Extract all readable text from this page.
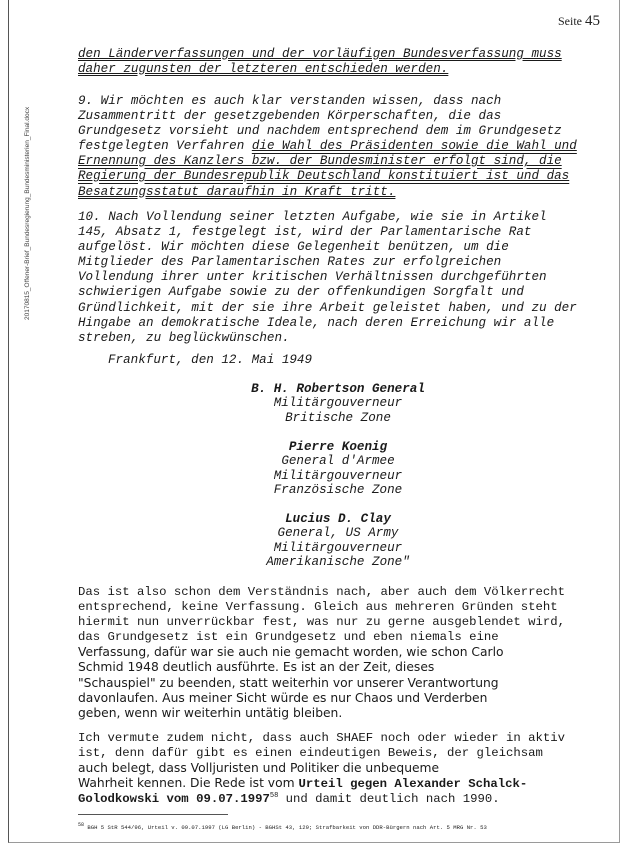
Seite 45
20170815_Offener-Brief_Bundesregierung_Bundesministerien_Final.docx
den Länderverfassungen und der vorläufigen Bundesverfassung muss
daher zugunsten der letzteren entschieden werden.
9. Wir möchten es auch klar verstanden wissen, dass nach
Zusammentritt der gesetzgebenden Körperschaften, die das
Grundgesetz vorsieht und nachdem entsprechend dem im Grundgesetz
festgelegten Verfahren die Wahl des Präsidenten sowie die Wahl und
Ernennung des Kanzlers bzw. der Bundesminister erfolgt sind, die
Regierung der Bundesrepublik Deutschland konstituiert ist und das
Besatzungsstatut daraufhin in Kraft tritt.
10. Nach Vollendung seiner letzten Aufgabe, wie sie in Artikel
145, Absatz 1, festgelegt ist, wird der Parlamentarische Rat
aufgelöst. Wir möchten diese Gelegenheit benützen, um die
Mitglieder des Parlamentarischen Rates zur erfolgreichen
Vollendung ihrer unter kritischen Verhältnissen durchgeführten
schwierigen Aufgabe sowie zu der offenkundigen Sorgfalt und
Gründlichkeit, mit der sie ihre Arbeit geleistet haben, und zu der
Hingabe an demokratische Ideale, nach deren Erreichung wir alle
streben, zu beglückwünschen.
Frankfurt, den 12. Mai 1949
B. H. Robertson General
Militärgouverneur
Britische Zone
Pierre Koenig
General d'Armee
Militärgouverneur
Französische Zone
Lucius D. Clay
General, US Army
Militärgouverneur
Amerikanische Zone"
Das ist also schon dem Verständnis nach, aber auch dem Völkerrecht
entsprechend, keine Verfassung. Gleich aus mehreren Gründen steht
hiermit nun unverrückbar fest, was nur zu gerne ausgeblendet wird,
das Grundgesetz ist ein Grundgesetz und eben niemals eine
Verfassung, dafür war sie auch nie gemacht worden, wie schon Carlo
Schmid 1948 deutlich ausführte. Es ist an der Zeit, dieses
"Schauspiel" zu beenden, statt weiterhin vor unserer Verantwortung
davonlaufen. Aus meiner Sicht würde es nur Chaos und Verderben
geben, wenn wir weiterhin untätig bleiben.
Ich vermute zudem nicht, dass auch SHAEF noch oder wieder in aktiv
ist, denn dafür gibt es einen eindeutigen Beweis, der gleichsam
auch belegt, dass Volljuristen und Politiker die unbequeme
Wahrheit kennen. Die Rede ist vom Urteil gegen Alexander Schalck-
Golodkowski vom 09.07.1997$^{58}$ und damit deutlich nach 1990.
$^{58}$ BGH 5 StR 544/96, Urteil v. 09.07.1997 (LG Berlin) - BGHSt 43, 129; Strafbarkeit von DDR-Bürgern nach Art. 5 MRG Nr. 53
